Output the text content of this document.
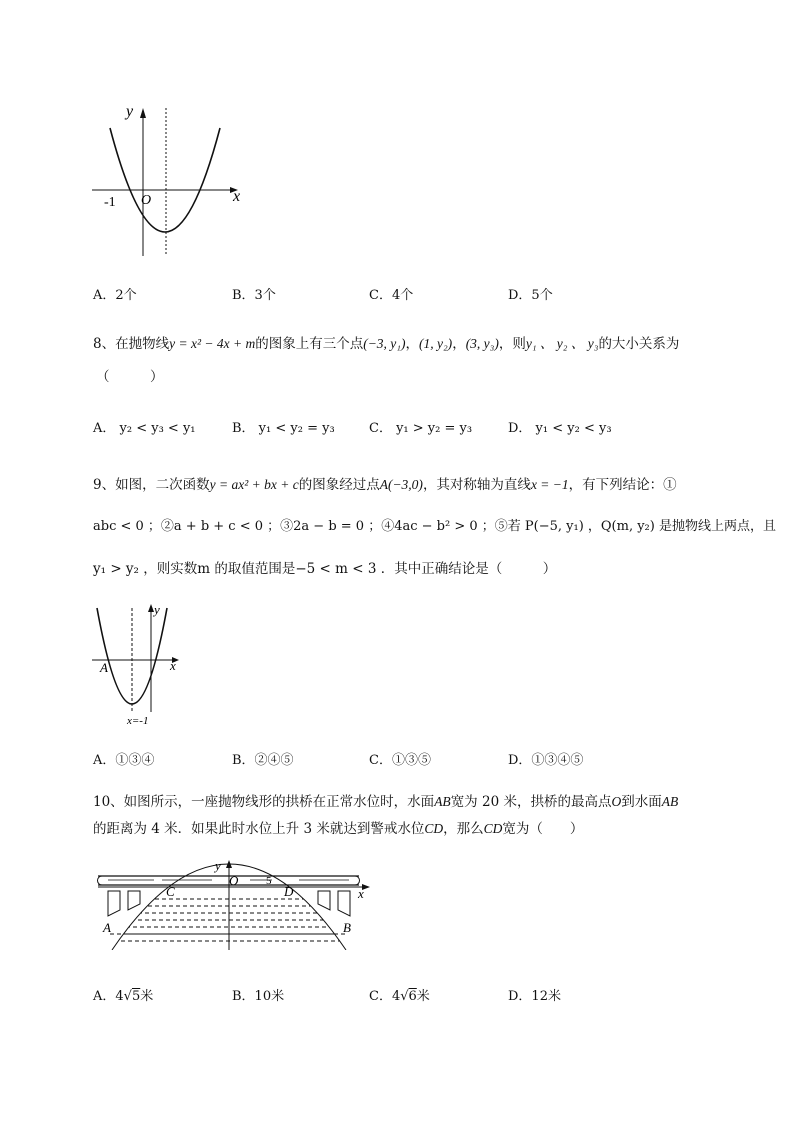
y
x
O
-1
A．2个	B．3个	C．4个	D．5个
8、在抛物线y = x² − 4x + m的图象上有三个点(−3, y₁)，(1, y₂)，(3, y₃)，则y₁ 、 y₂ 、 y₃的大小关系为
（　　　）
A． y₂ < y₃ < y₁	B． y₁ < y₂ = y₃	C． y₁ > y₂ = y₃	D． y₁ < y₂ < y₃
9、如图，二次函数y = ax² + bx + c的图象经过点A(−3,0)，其对称轴为直线x = −1，有下列结论：①
abc < 0 ；②a + b + c < 0 ；③2a − b = 0 ；④4ac − b² > 0 ；⑤若 P(−5, y₁) ，Q(m, y₂) 是抛物线上两点，且
y₁ > y₂ ，则实数m 的取值范围是−5 < m < 3 ．其中正确结论是（　　　）
y
x
A
x=-1
A．①③④	B．②④⑤	C．①③⑤	D．①③④⑤
10、如图所示，一座抛物线形的拱桥在正常水位时，水面AB宽为 20 米，拱桥的最高点O到水面AB
的距离为 4 米．如果此时水位上升 3 米就达到警戒水位CD，那么CD宽为（　　）
y
O	5
C	D	x
A	B
A．4√5米	B．10米	C．4√6米	D．12米
